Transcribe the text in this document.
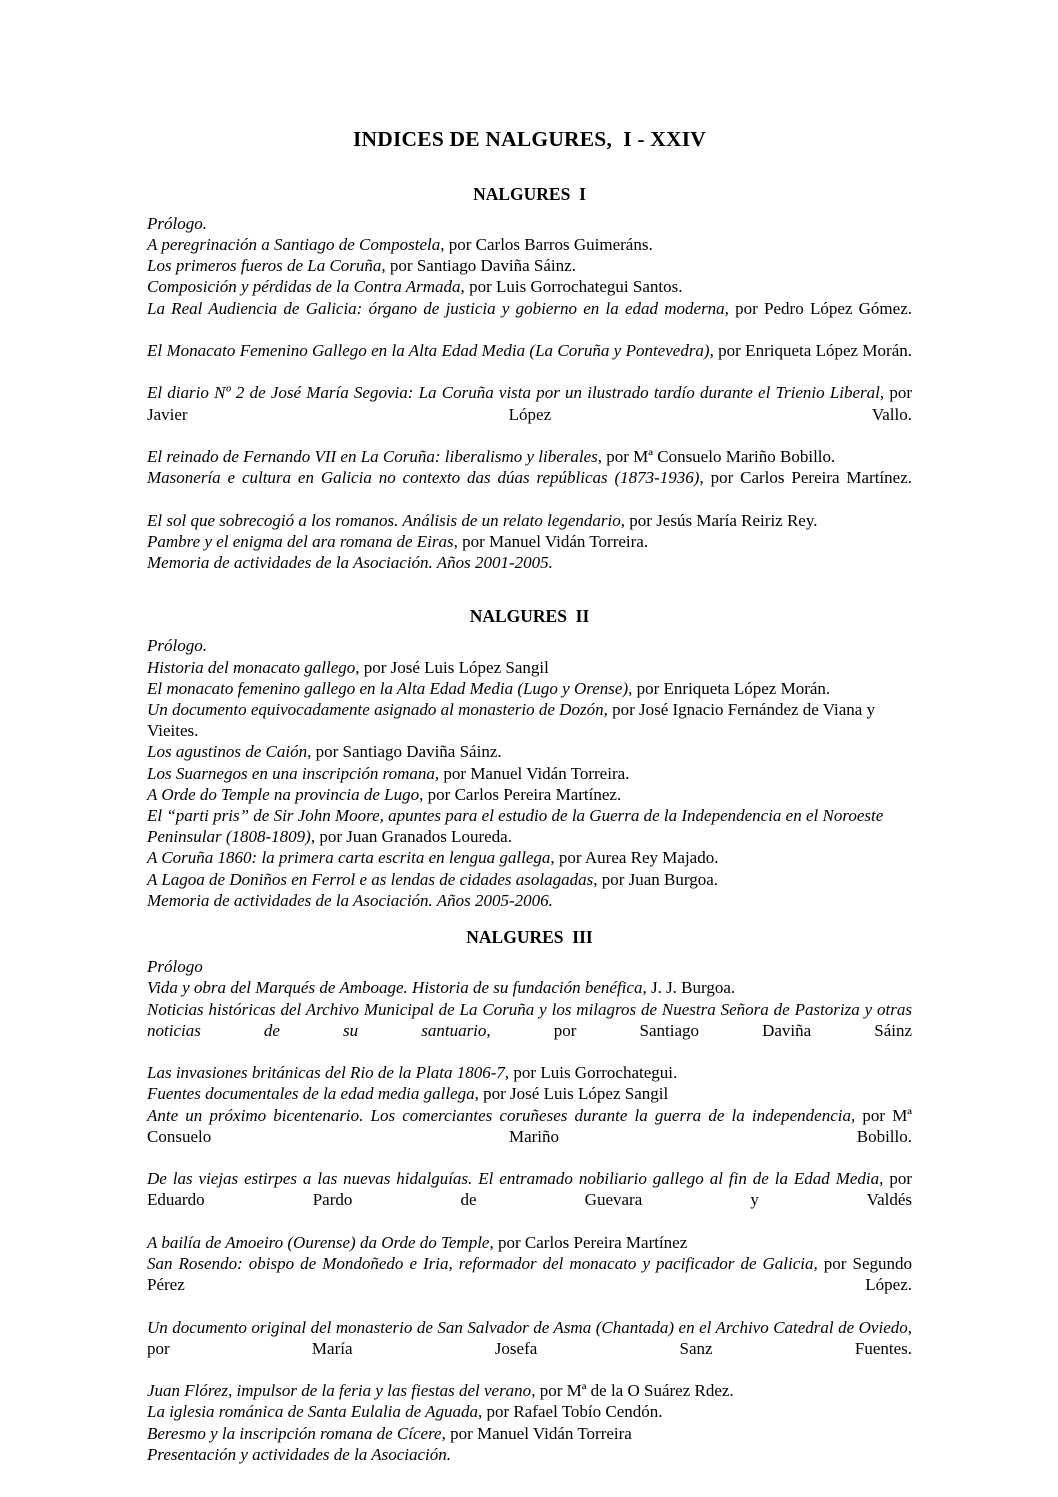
INDICES DE NALGURES,  I - XXIV
NALGURES  I

Prólogo.

A peregrinación a Santiago de Compostela, por Carlos Barros Guimeráns.

Los primeros fueros de La Coruña, por Santiago Daviña Sáinz.

Composición y pérdidas de la Contra Armada, por Luis Gorrochategui Santos.

La Real Audiencia de Galicia: órgano de justicia y gobierno en la edad moderna, por Pedro López Gómez.

El Monacato Femenino Gallego en la Alta Edad Media (La Coruña y Pontevedra), por Enriqueta López Morán.

El diario Nº 2 de José María Segovia: La Coruña vista por un ilustrado tardío durante el Trienio Liberal, por Javier López Vallo.

El reinado de Fernando VII en La Coruña: liberalismo y liberales, por Mª Consuelo Mariño Bobillo.

Masonería e cultura en Galicia no contexto das dúas repúblicas (1873-1936), por Carlos Pereira Martínez.

El sol que sobrecogió a los romanos. Análisis de un relato legendario, por Jesús María Reiriz Rey.

Pambre y el enigma del ara romana de Eiras, por Manuel Vidán Torreira.

Memoria de actividades de la Asociación. Años 2001-2005.

NALGURES  II

Prólogo.

Historia del monacato gallego, por José Luis López Sangil

El monacato femenino gallego en la Alta Edad Media (Lugo y Orense), por Enriqueta López Morán.

Un documento equivocadamente asignado al monasterio de Dozón, por José Ignacio Fernández de Viana y Vieites.

Los agustinos de Caión, por Santiago Daviña Sáinz.

Los Suarnegos en una inscripción romana, por Manuel Vidán Torreira.

A Orde do Temple na provincia de Lugo, por Carlos Pereira Martínez.

El “parti pris” de Sir John Moore, apuntes para el estudio de la Guerra de la Independencia en el Noroeste Peninsular (1808-1809), por Juan Granados Loureda.

A Coruña 1860: la primera carta escrita en lengua gallega, por Aurea Rey Majado.

A Lagoa de Doniños en Ferrol e as lendas de cidades asolagadas, por Juan Burgoa.

Memoria de actividades de la Asociación. Años 2005-2006.

NALGURES  III

Prólogo

Vida y obra del Marqués de Amboage. Historia de su fundación benéfica, J. J. Burgoa.

Noticias históricas del Archivo Municipal de La Coruña y los milagros de Nuestra Señora de Pastoriza y otras noticias de su santuario, por Santiago Daviña Sáinz

Las invasiones británicas del Rio de la Plata 1806-7, por Luis Gorrochategui.

Fuentes documentales de la edad media gallega, por José Luis López Sangil

Ante un próximo bicentenario. Los comerciantes coruñeses durante la guerra de la independencia, por Mª Consuelo Mariño Bobillo.

De las viejas estirpes a las nuevas hidalguías. El entramado nobiliario gallego al fin de la Edad Media, por Eduardo Pardo de Guevara y Valdés

A bailía de Amoeiro (Ourense) da Orde do Temple, por Carlos Pereira Martínez

San Rosendo: obispo de Mondoñedo e Iria, reformador del monacato y pacificador de Galicia, por Segundo Pérez López.

Un documento original del monasterio de San Salvador de Asma (Chantada) en el Archivo Catedral de Oviedo, por María Josefa Sanz Fuentes.

Juan Flórez, impulsor de la feria y las fiestas del verano, por Mª de la O Suárez Rdez.

La iglesia románica de Santa Eulalia de Aguada, por Rafael Tobío Cendón.

Beresmo y la inscripción romana de Cícere, por Manuel Vidán Torreira

Presentación y actividades de la Asociación.
